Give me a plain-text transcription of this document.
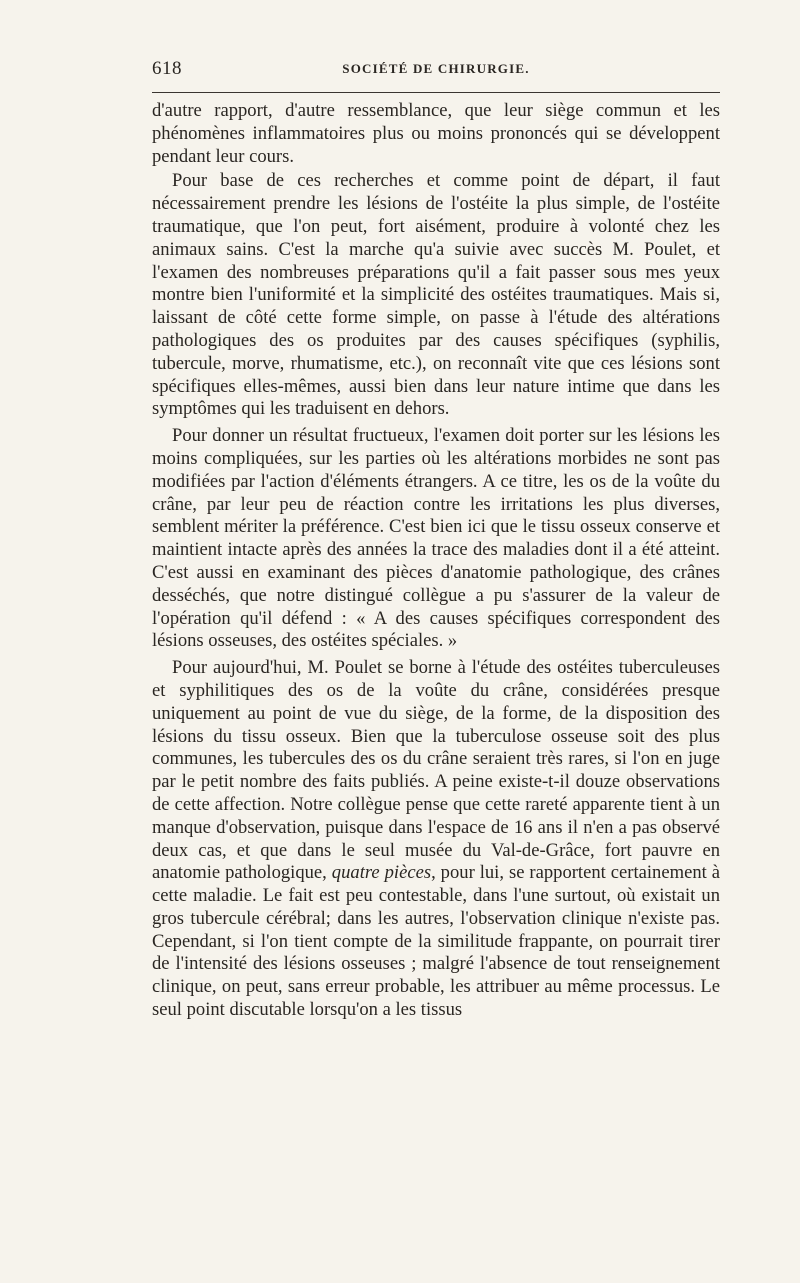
618	SOCIÉTÉ DE CHIRURGIE.

d'autre rapport, d'autre ressemblance, que leur siège commun et les phénomènes inflammatoires plus ou moins prononcés qui se développent pendant leur cours.

Pour base de ces recherches et comme point de départ, il faut nécessairement prendre les lésions de l'ostéite la plus simple, de l'ostéite traumatique, que l'on peut, fort aisément, produire à volonté chez les animaux sains. C'est la marche qu'a suivie avec succès M. Poulet, et l'examen des nombreuses préparations qu'il a fait passer sous mes yeux montre bien l'uniformité et la simplicité des ostéites traumatiques. Mais si, laissant de côté cette forme simple, on passe à l'étude des altérations pathologiques des os produites par des causes spécifiques (syphilis, tubercule, morve, rhumatisme, etc.), on reconnaît vite que ces lésions sont spécifiques elles-mêmes, aussi bien dans leur nature intime que dans les symptômes qui les traduisent en dehors.

Pour donner un résultat fructueux, l'examen doit porter sur les lésions les moins compliquées, sur les parties où les altérations morbides ne sont pas modifiées par l'action d'éléments étrangers. A ce titre, les os de la voûte du crâne, par leur peu de réaction contre les irritations les plus diverses, semblent mériter la préférence. C'est bien ici que le tissu osseux conserve et maintient intacte après des années la trace des maladies dont il a été atteint. C'est aussi en examinant des pièces d'anatomie pathologique, des crânes desséchés, que notre distingué collègue a pu s'assurer de la valeur de l'opération qu'il défend : « A des causes spécifiques correspondent des lésions osseuses, des ostéites spéciales. »

Pour aujourd'hui, M. Poulet se borne à l'étude des ostéites tuberculeuses et syphilitiques des os de la voûte du crâne, considérées presque uniquement au point de vue du siège, de la forme, de la disposition des lésions du tissu osseux. Bien que la tuberculose osseuse soit des plus communes, les tubercules des os du crâne seraient très rares, si l'on en juge par le petit nombre des faits publiés. A peine existe-t-il douze observations de cette affection. Notre collègue pense que cette rareté apparente tient à un manque d'observation, puisque dans l'espace de 16 ans il n'en a pas observé deux cas, et que dans le seul musée du Val-de-Grâce, fort pauvre en anatomie pathologique, quatre pièces, pour lui, se rapportent certainement à cette maladie. Le fait est peu contestable, dans l'une surtout, où existait un gros tubercule cérébral; dans les autres, l'observation clinique n'existe pas. Cependant, si l'on tient compte de la similitude frappante, on pourrait tirer de l'intensité des lésions osseuses ; malgré l'absence de tout renseignement clinique, on peut, sans erreur probable, les attribuer au même processus. Le seul point discutable lorsqu'on a les tissus
